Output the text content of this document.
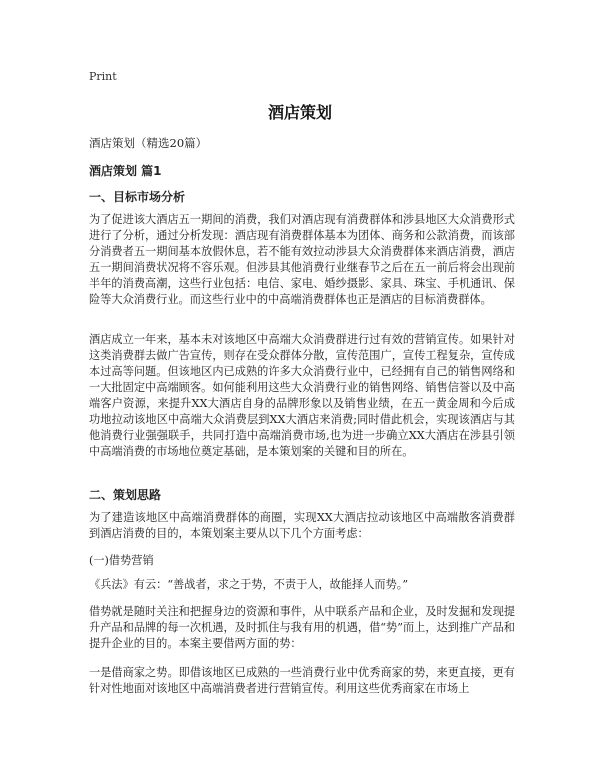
Print
酒店策划
酒店策划（精选20篇）
酒店策划 篇1
一、目标市场分析
为了促进该大酒店五一期间的消费，我们对酒店现有消费群体和涉县地区大众消费形式进行了分析，通过分析发现：酒店现有消费群体基本为团体、商务和公款消费，而该部分消费者五一期间基本放假休息，若不能有效拉动涉县大众消费群体来酒店消费，酒店五一期间消费状况将不容乐观。但涉县其他消费行业继春节之后在五一前后将会出现前半年的消费高潮，这些行业包括：电信、家电、婚纱摄影、家具、珠宝、手机通讯、保险等大众消费行业。而这些行业中的中高端消费群体也正是酒店的目标消费群体。
酒店成立一年来，基本未对该地区中高端大众消费群进行过有效的营销宣传。如果针对这类消费群去做广告宣传，则存在受众群体分散，宣传范围广，宣传工程复杂，宣传成本过高等问题。但该地区内已成熟的许多大众消费行业中，已经拥有自己的销售网络和一大批固定中高端顾客。如何能利用这些大众消费行业的销售网络、销售信誉以及中高端客户资源，来提升XX大酒店自身的品牌形象以及销售业绩，在五一黄金周和今后成功地拉动该地区中高端大众消费层到XX大酒店来消费;同时借此机会，实现该酒店与其他消费行业强强联手，共同打造中高端消费市场,也为进一步确立XX大酒店在涉县引领中高端消费的市场地位奠定基础，是本策划案的关键和目的所在。
二、策划思路
为了建造该地区中高端消费群体的商圈，实现XX大酒店拉动该地区中高端散客消费群到酒店消费的目的，本策划案主要从以下几个方面考虑：
(一)借势营销
《兵法》有云：“善战者，求之于势，不责于人，故能择人而势。”
借势就是随时关注和把握身边的资源和事件，从中联系产品和企业，及时发掘和发现提升产品和品牌的每一次机遇，及时抓住与我有用的机遇，借“势”而上，达到推广产品和提升企业的目的。本案主要借两方面的势：
一是借商家之势。即借该地区已成熟的一些消费行业中优秀商家的势，来更直接，更有针对性地面对该地区中高端消费者进行营销宣传。利用这些优秀商家在市场上
